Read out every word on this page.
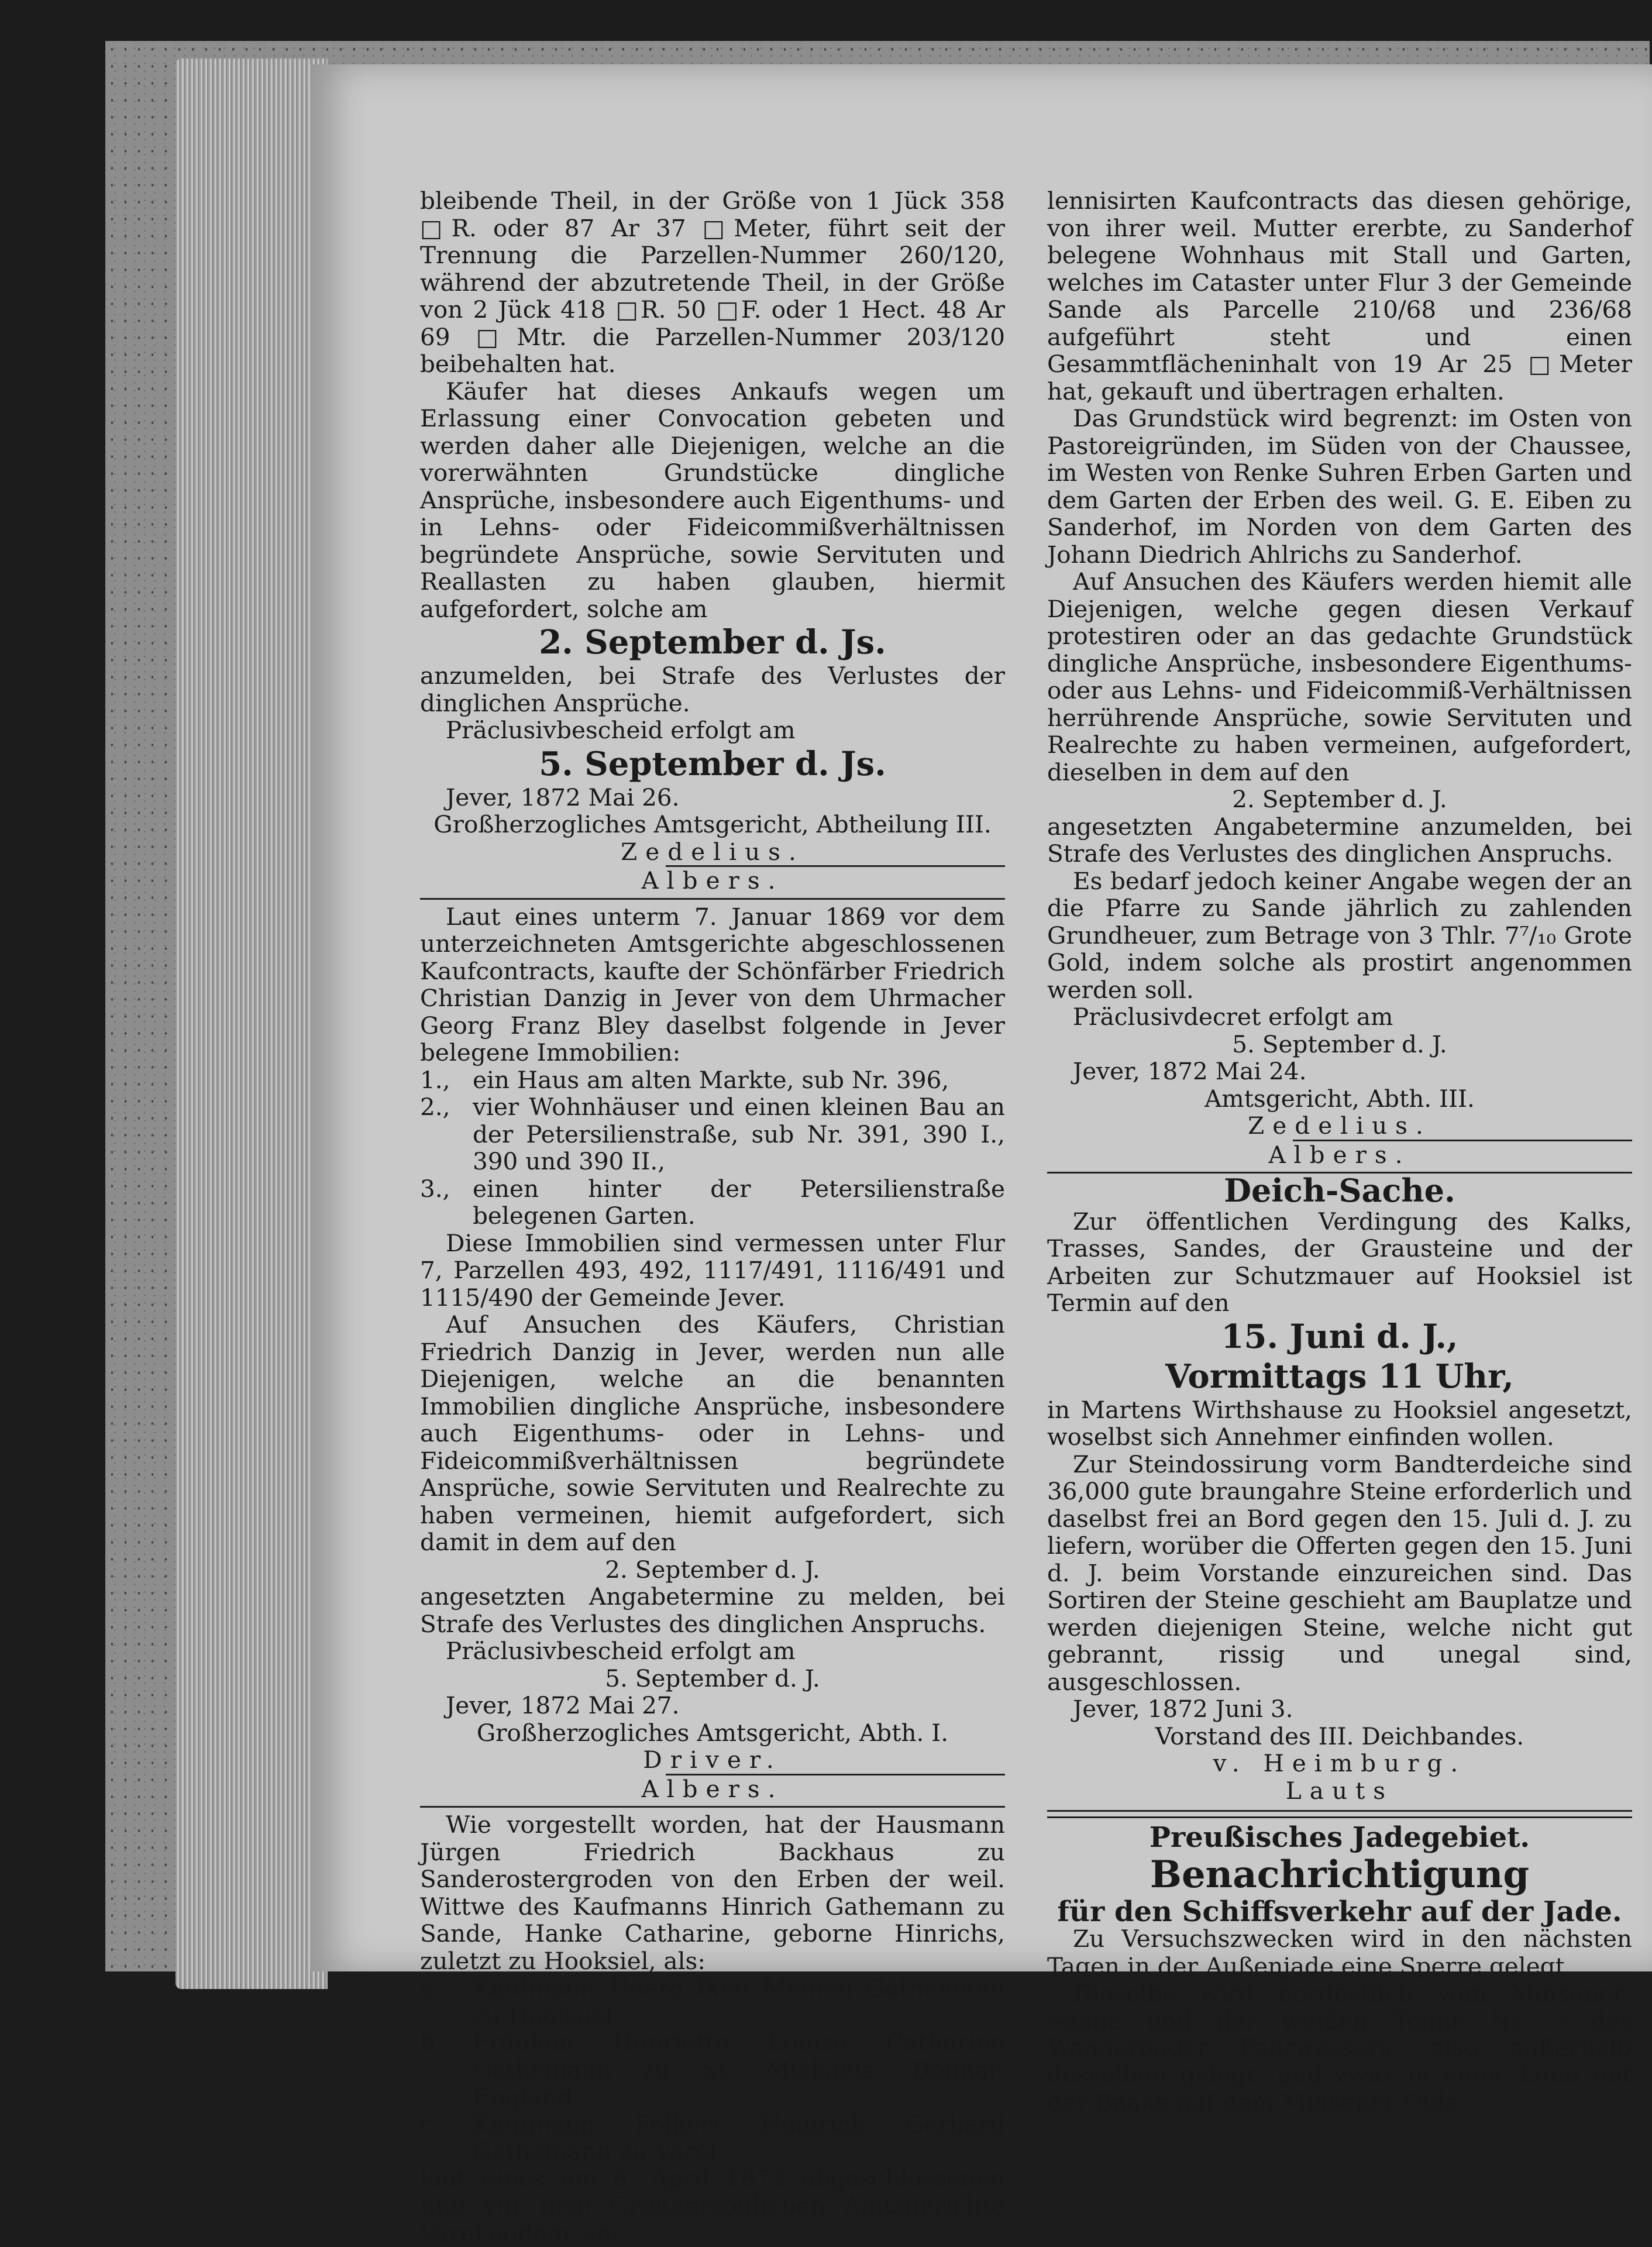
bleibende Theil, in der Größe von 1 Jück 358 □R. oder 87 Ar 37 □Meter, führt seit der Trennung die Parzellen-Nummer 260/120, während der abzutretende Theil, in der Größe von 2 Jück 418 □R. 50 □F. oder 1 Hect. 48 Ar 69 □Mtr. die Parzellen-Nummer 203/120 beibehalten hat.

Käufer hat dieses Ankaufs wegen um Erlassung einer Convocation gebeten und werden daher alle Diejenigen, welche an die vorerwähnten Grundstücke dingliche Ansprüche, insbesondere auch Eigenthums- und in Lehns- oder Fideicommißverhältnissen begründete Ansprüche, sowie Servituten und Reallasten zu haben glauben, hiermit aufgefordert, solche am

2. September d. Js.

anzumelden, bei Strafe des Verlustes der dinglichen Ansprüche.

Präclusivbescheid erfolgt am

5. September d. Js.

Jever, 1872 Mai 26.

Großherzogliches Amtsgericht, Abtheilung III.

Zedelius.

Albers.

Laut eines unterm 7. Januar 1869 vor dem unterzeichneten Amtsgerichte abgeschlossenen Kaufcontracts, kaufte der Schönfärber Friedrich Christian Danzig in Jever von dem Uhrmacher Georg Franz Bley daselbst folgende in Jever belegene Immobilien:

1., ein Haus am alten Markte, sub Nr. 396,
2., vier Wohnhäuser und einen kleinen Bau an der Petersilienstraße, sub Nr. 391, 390 I., 390 und 390 II.,
3., einen hinter der Petersilienstraße belegenen Garten.

Diese Immobilien sind vermessen unter Flur 7, Parzellen 493, 492, 1117/491, 1116/491 und 1115/490 der Gemeinde Jever.

Auf Ansuchen des Käufers, Christian Friedrich Danzig in Jever, werden nun alle Diejenigen, welche an die benannten Immobilien dingliche Ansprüche, insbesondere auch Eigenthums- oder in Lehns- und Fideicommißverhältnissen begründete Ansprüche, sowie Servituten und Realrechte zu haben vermeinen, hiemit aufgefordert, sich damit in dem auf den

2. September d. J.

angesetzten Angabetermine zu melden, bei Strafe des Verlustes des dinglichen Anspruchs.

Präclusivbescheid erfolgt am

5. September d. J.

Jever, 1872 Mai 27.

Großherzogliches Amtsgericht, Abth. I.

Driver.

Albers.

Wie vorgestellt worden, hat der Hausmann Jürgen Friedrich Backhaus zu Sanderostergroden von den Erben der weil. Wittwe des Kaufmanns Hinrich Gathemann zu Sande, Hanke Catharine, geborne Hinrichs, zuletzt zu Hooksiel, als:

a.	Kaufmann Heero Iken Meinen Gathemann zu Hooksiel,
b.	Fräulein Henriette Louise Catharine Gathemann zu St. Michaels, Bognar, England,
c.	Kaufmann Folkert Heinrich Gerhard Gathemann zu Varel,

laut eines am 6. April 1872 abgeschlossenen und vor dem Großherzoglichen Amtsgerichte Varel eodem. so-

lennisirten Kaufcontracts das diesen gehörige, von ihrer weil. Mutter ererbte, zu Sanderhof belegene Wohnhaus mit Stall und Garten, welches im Cataster unter Flur 3 der Gemeinde Sande als Parcelle 210/68 und 236/68 aufgeführt steht und einen Gesammtflächeninhalt von 19 Ar 25 □Meter hat, gekauft und übertragen erhalten.

Das Grundstück wird begrenzt: im Osten von Pastoreigründen, im Süden von der Chaussee, im Westen von Renke Suhren Erben Garten und dem Garten der Erben des weil. G. E. Eiben zu Sanderhof, im Norden von dem Garten des Johann Diedrich Ahlrichs zu Sanderhof.

Auf Ansuchen des Käufers werden hiemit alle Diejenigen, welche gegen diesen Verkauf protestiren oder an das gedachte Grundstück dingliche Ansprüche, insbesondere Eigenthums- oder aus Lehns- und Fideicommiß-Verhältnissen herrührende Ansprüche, sowie Servituten und Realrechte zu haben vermeinen, aufgefordert, dieselben in dem auf den

2. September d. J.

angesetzten Angabetermine anzumelden, bei Strafe des Verlustes des dinglichen Anspruchs.

Es bedarf jedoch keiner Angabe wegen der an die Pfarre zu Sande jährlich zu zahlenden Grundheuer, zum Betrage von 3 Thlr. 7⁷/₁₀ Grote Gold, indem solche als prostirt angenommen werden soll.

Präclusivdecret erfolgt am

5. September d. J.

Jever, 1872 Mai 24.

Amtsgericht, Abth. III.

Zedelius.

Albers.

Deich-Sache.

Zur öffentlichen Verdingung des Kalks, Trasses, Sandes, der Grausteine und der Arbeiten zur Schutzmauer auf Hooksiel ist Termin auf den

15. Juni d. J.,

Vormittags 11 Uhr,

in Martens Wirthshause zu Hooksiel angesetzt, woselbst sich Annehmer einfinden wollen.

Zur Steindossirung vorm Bandterdeiche sind 36,000 gute braungahre Steine erforderlich und daselbst frei an Bord gegen den 15. Juli d. J. zu liefern, worüber die Offerten gegen den 15. Juni d. J. beim Vorstande einzureichen sind. Das Sortiren der Steine geschieht am Bauplatze und werden diejenigen Steine, welche nicht gut gebrannt, rissig und unegal sind, ausgeschlossen.

Jever, 1872 Juni 3.

Vorstand des III. Deichbandes.

v. Heimburg.

Lauts

Preußisches Jadegebiet.

Benachrichtigung

für den Schiffsverkehr auf der Jade.

Zu Versuchszwecken wird in den nächsten Tagen in der Außenjade eine Sperre gelegt.

Dieselbe wird nordöstlich vom Minsener-Sande und der weißen Tonne Nr. 5 des Wangerooger Fahrwassers, also außerhalb desselben gelegt, und zwar in einer Linie mit der Baake auf dem Minsener Olde
